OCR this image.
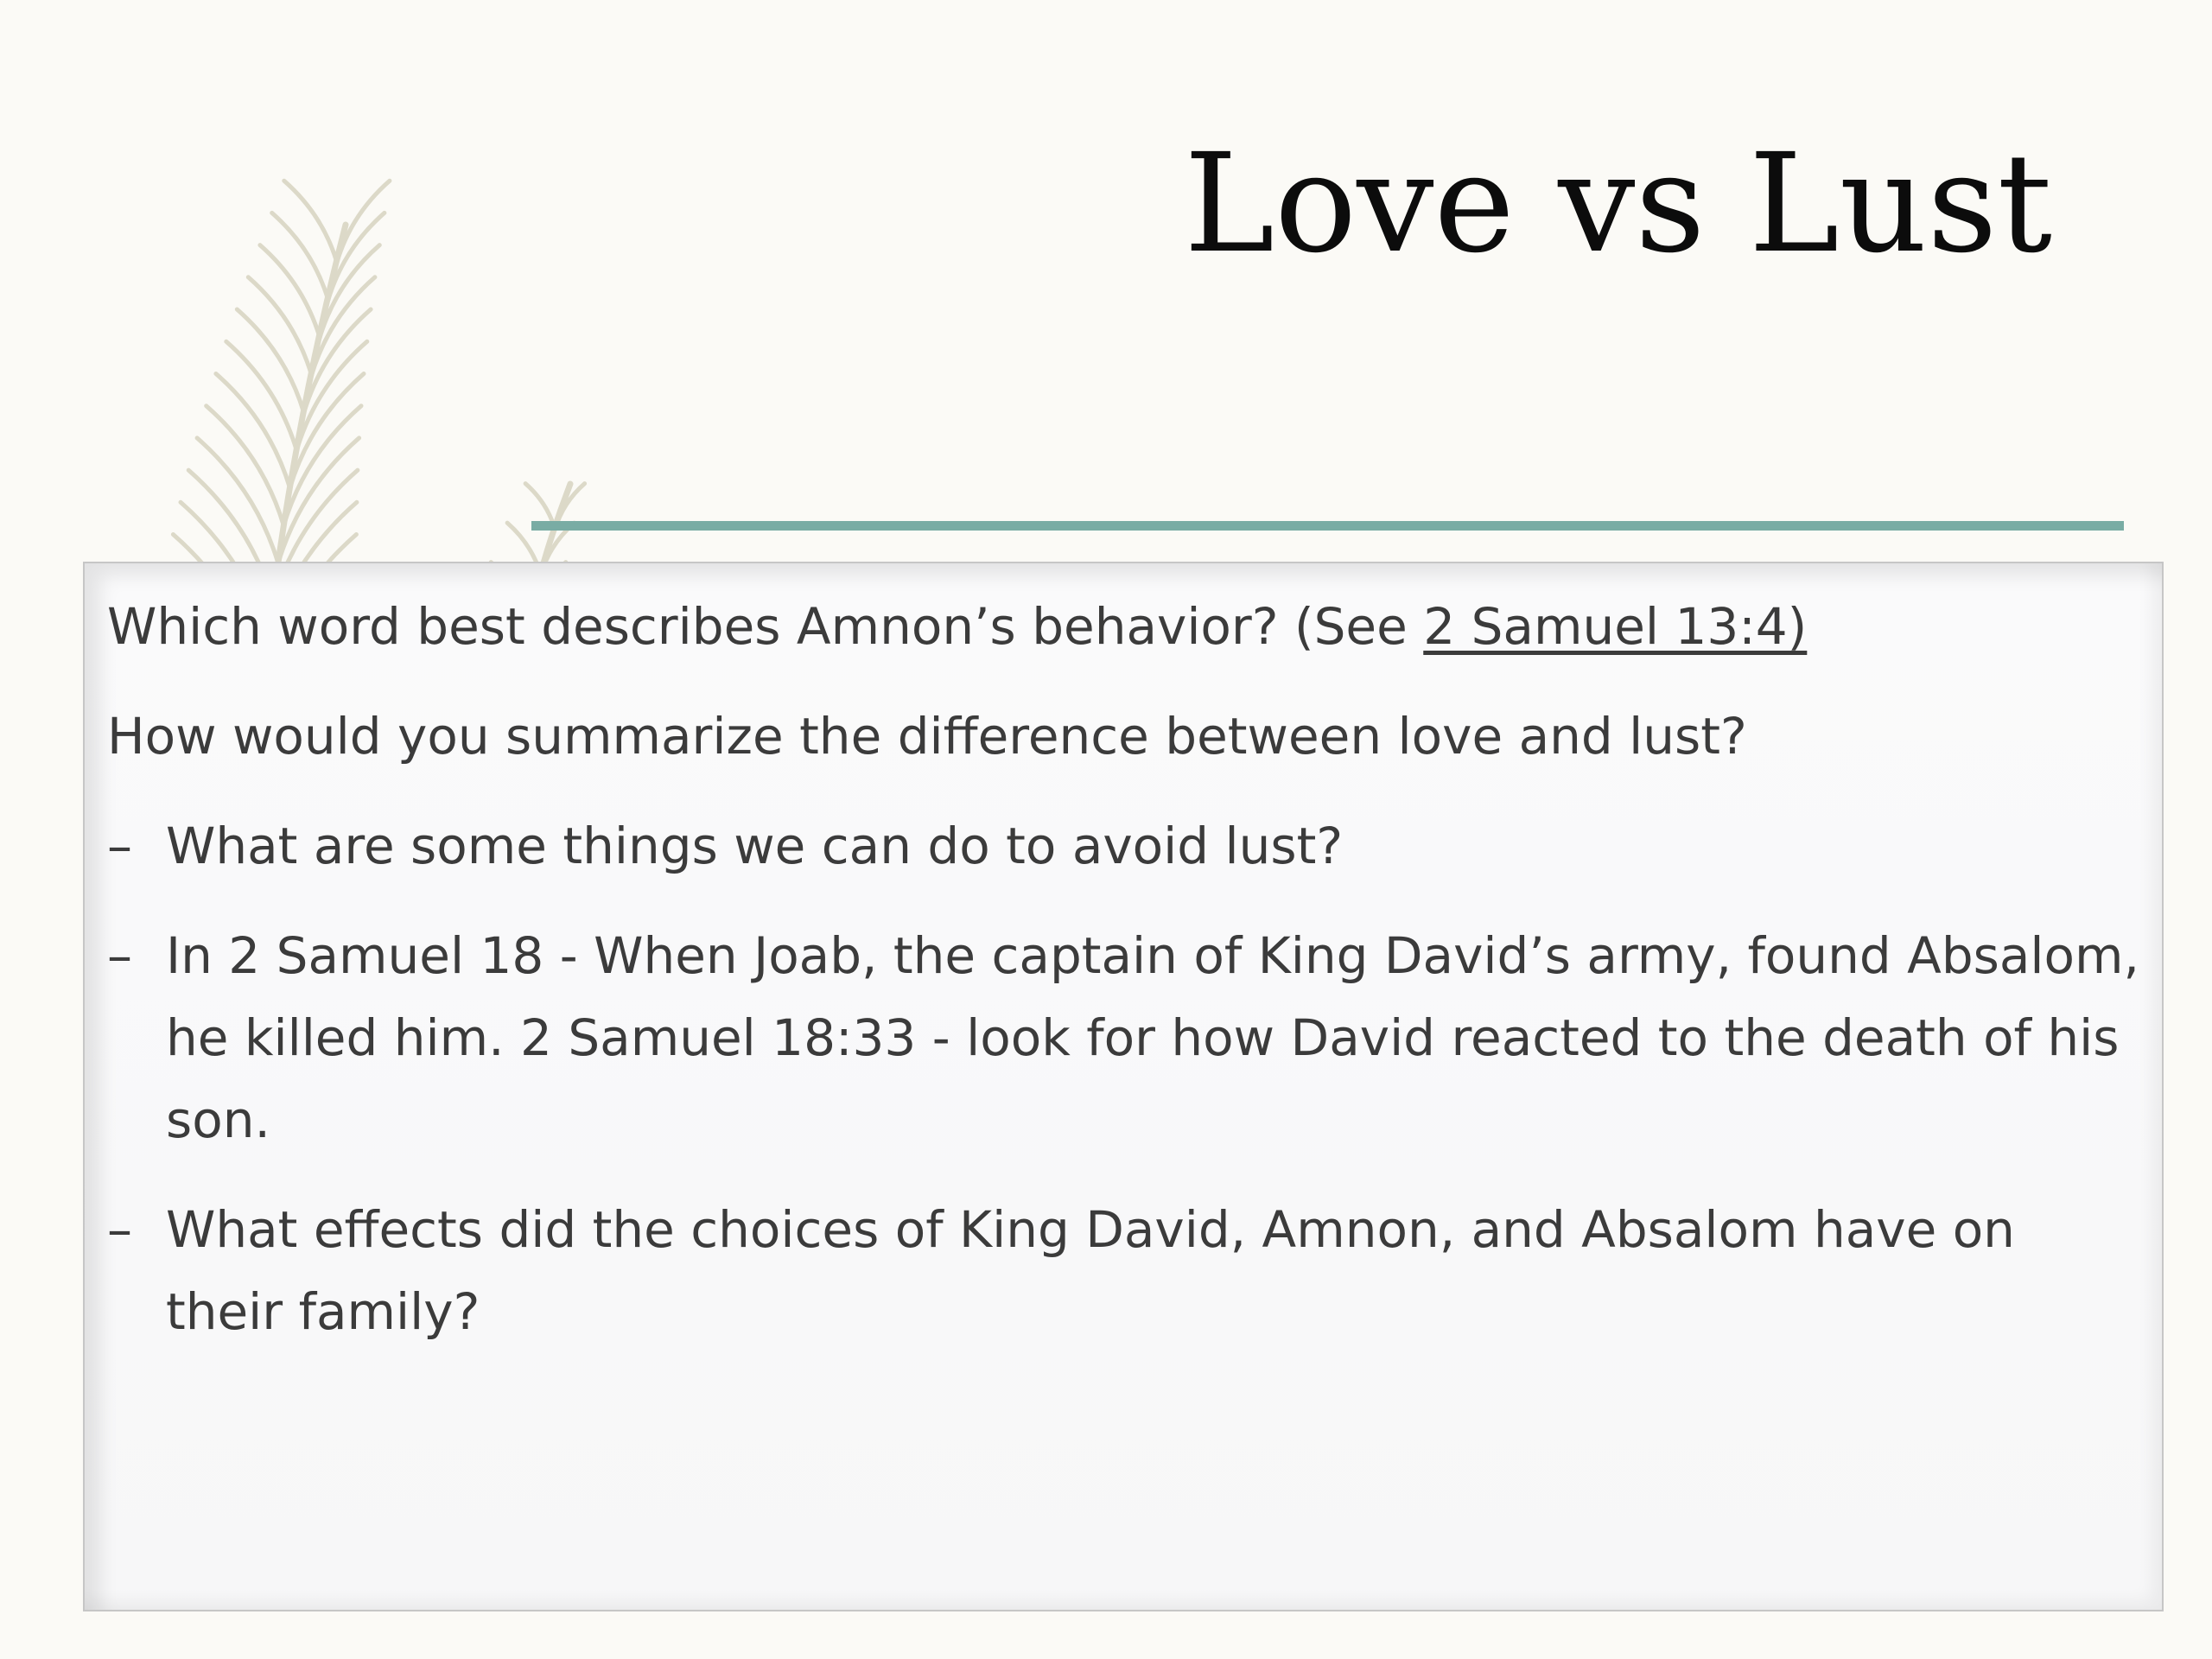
Love vs Lust

Which word best describes Amnon’s behavior? (See 2 Samuel 13:4)

How would you summarize the difference between love and lust?

– What are some things we can do to avoid lust?
– In 2 Samuel 18 - When Joab, the captain of King David’s army, found Absalom, he killed him. 2 Samuel 18:33 - look for how David reacted to the death of his son.
– What effects did the choices of King David, Amnon, and Absalom have on their family?
